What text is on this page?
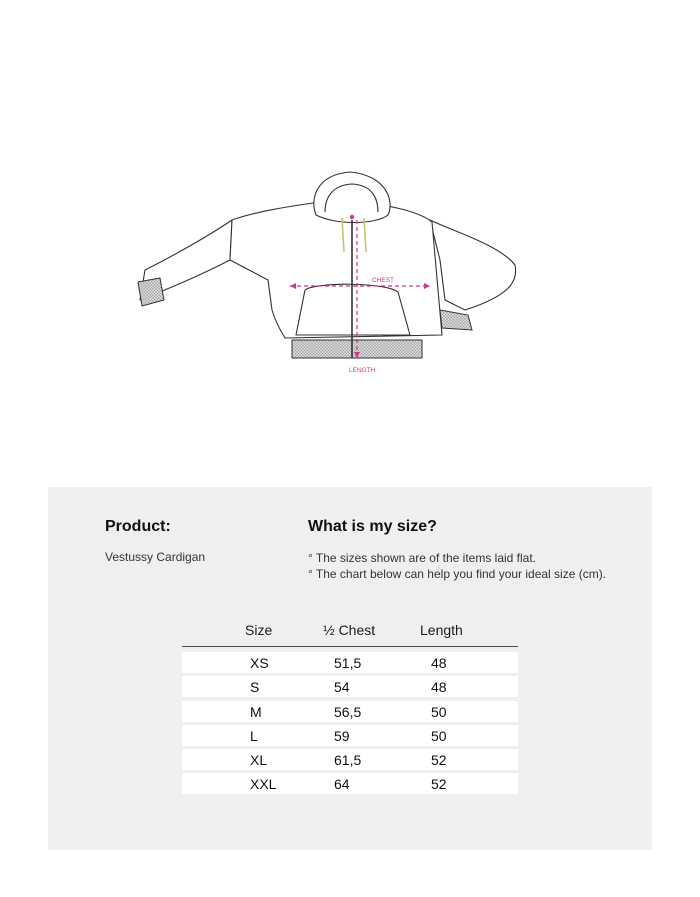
CHEST
LENGTH
Product:
Vestussy Cardigan
What is my size?
° The sizes shown are of the items laid flat.
° The chart below can help you find your ideal size (cm).
Size	½ Chest	Length
XS	51,5	48
S	54	48
M	56,5	50
L	59	50
XL	61,5	52
XXL	64	52
